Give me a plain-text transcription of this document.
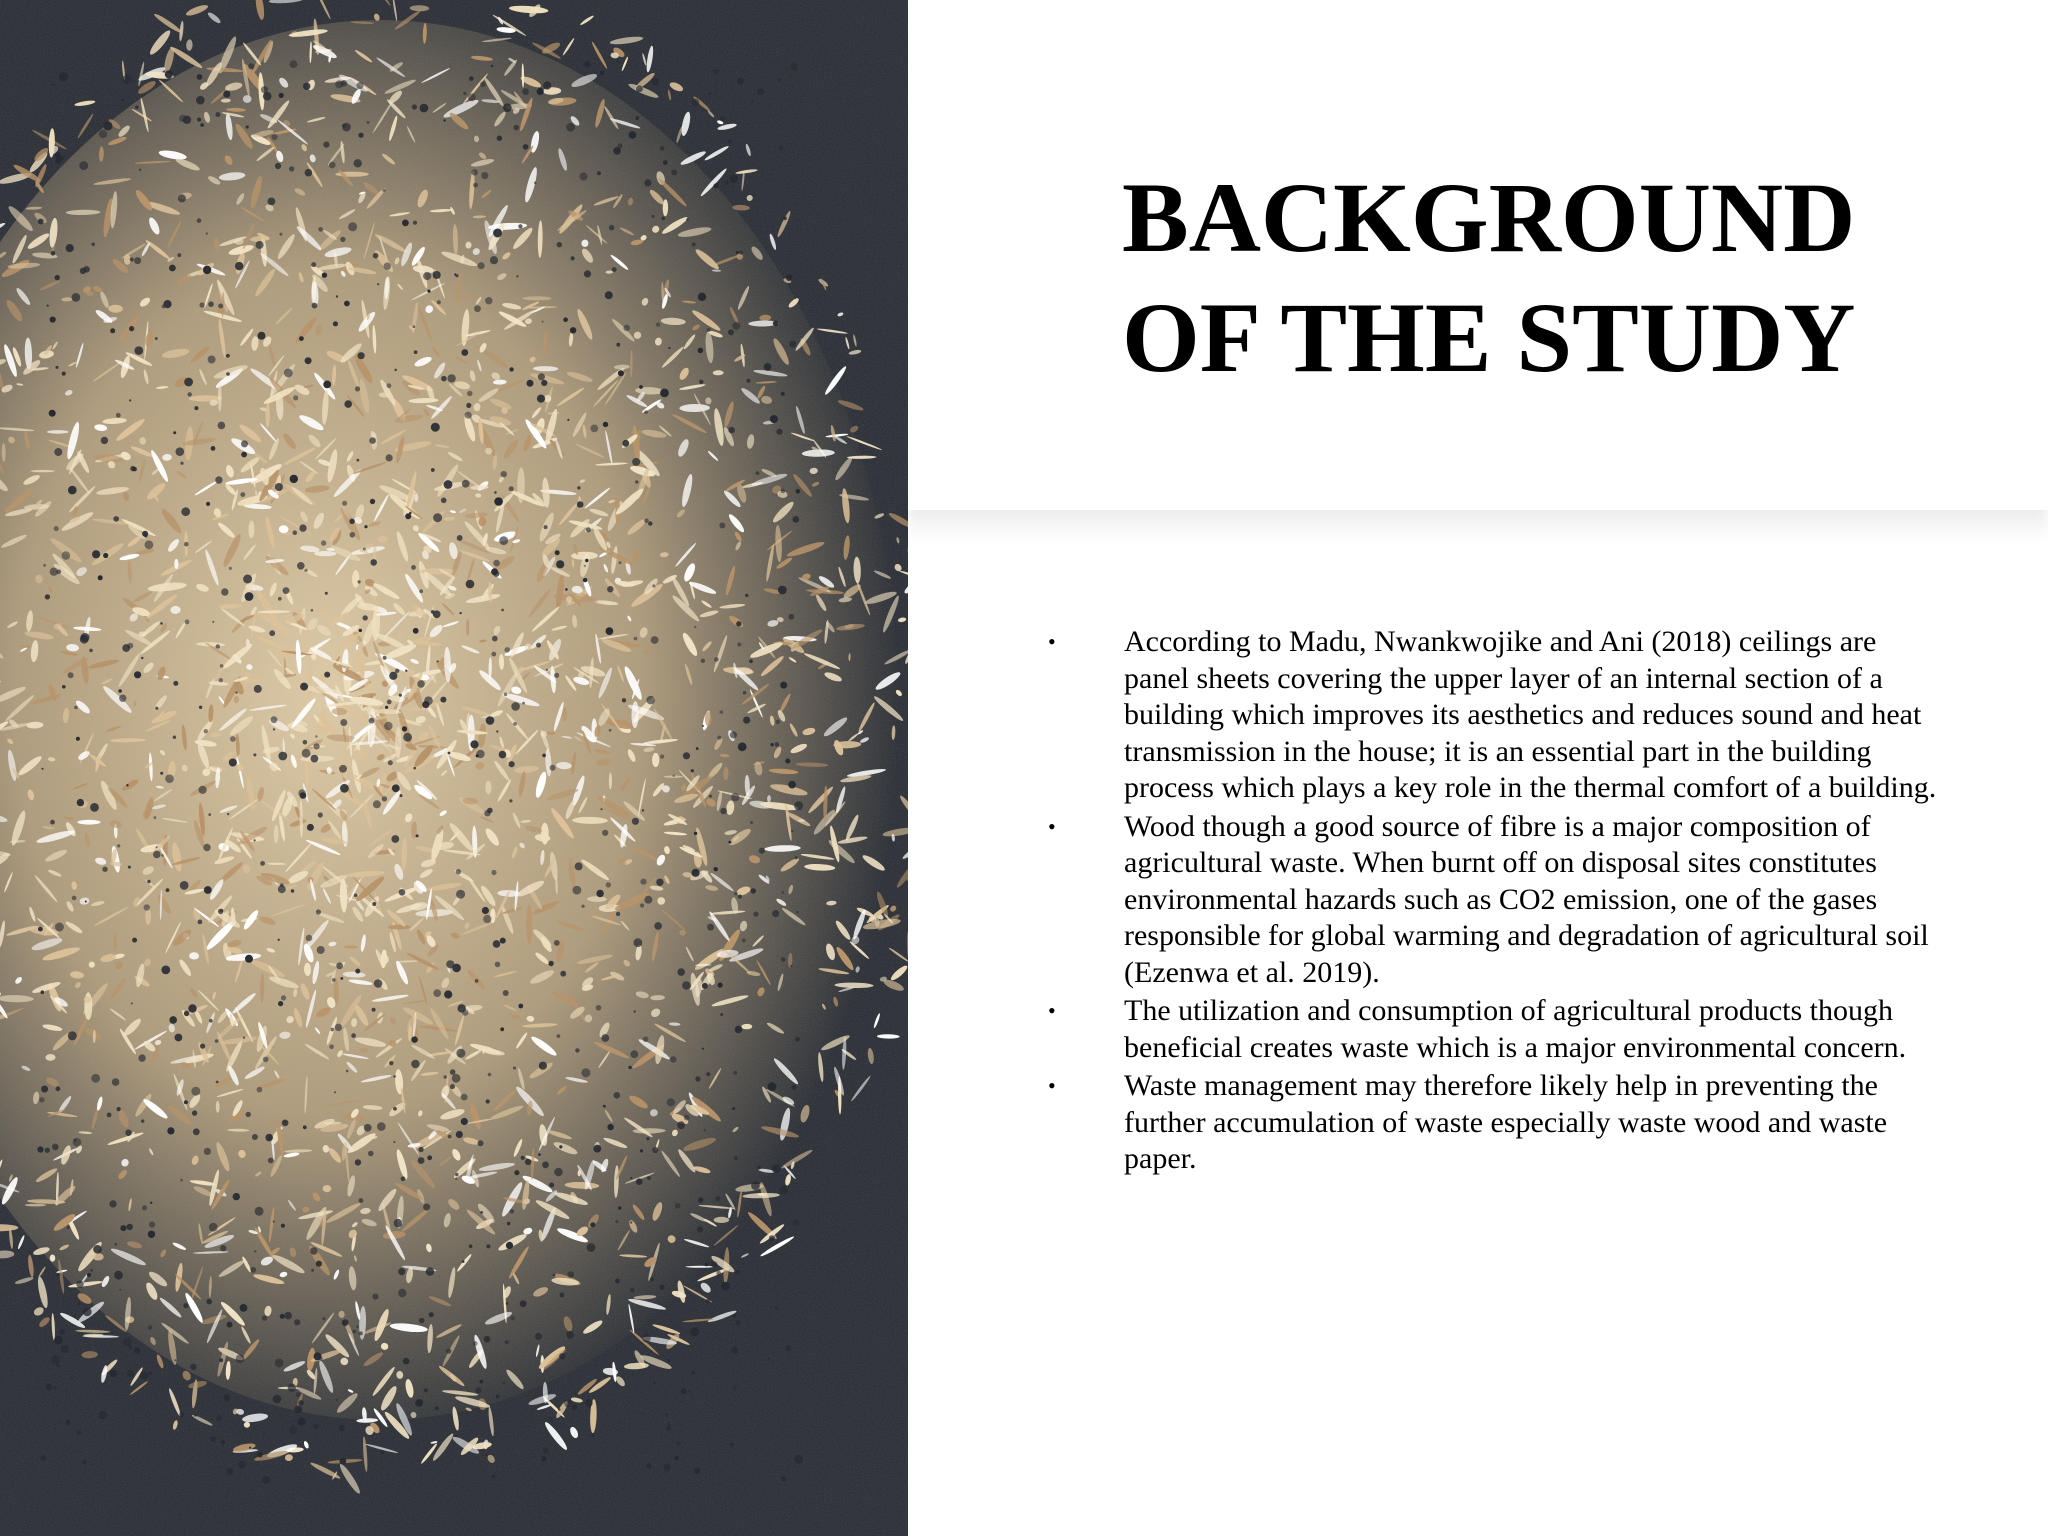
BACKGROUND
OF THE STUDY
•	According to Madu, Nwankwojike and Ani (2018) ceilings are panel sheets covering the upper layer of an internal section of a building which improves its aesthetics and reduces sound and heat transmission in the house; it is an essential part in the building process which plays a key role in the thermal comfort of a building.
•	Wood though a good source of fibre is a major composition of agricultural waste. When burnt off on disposal sites constitutes environmental hazards such as CO2 emission, one of the gases responsible for global warming and degradation of agricultural soil (Ezenwa et al. 2019).
•	The utilization and consumption of agricultural products though beneficial creates waste which is a major environmental concern.
•	Waste management may therefore likely help in preventing the further accumulation of waste especially waste wood and waste paper.
